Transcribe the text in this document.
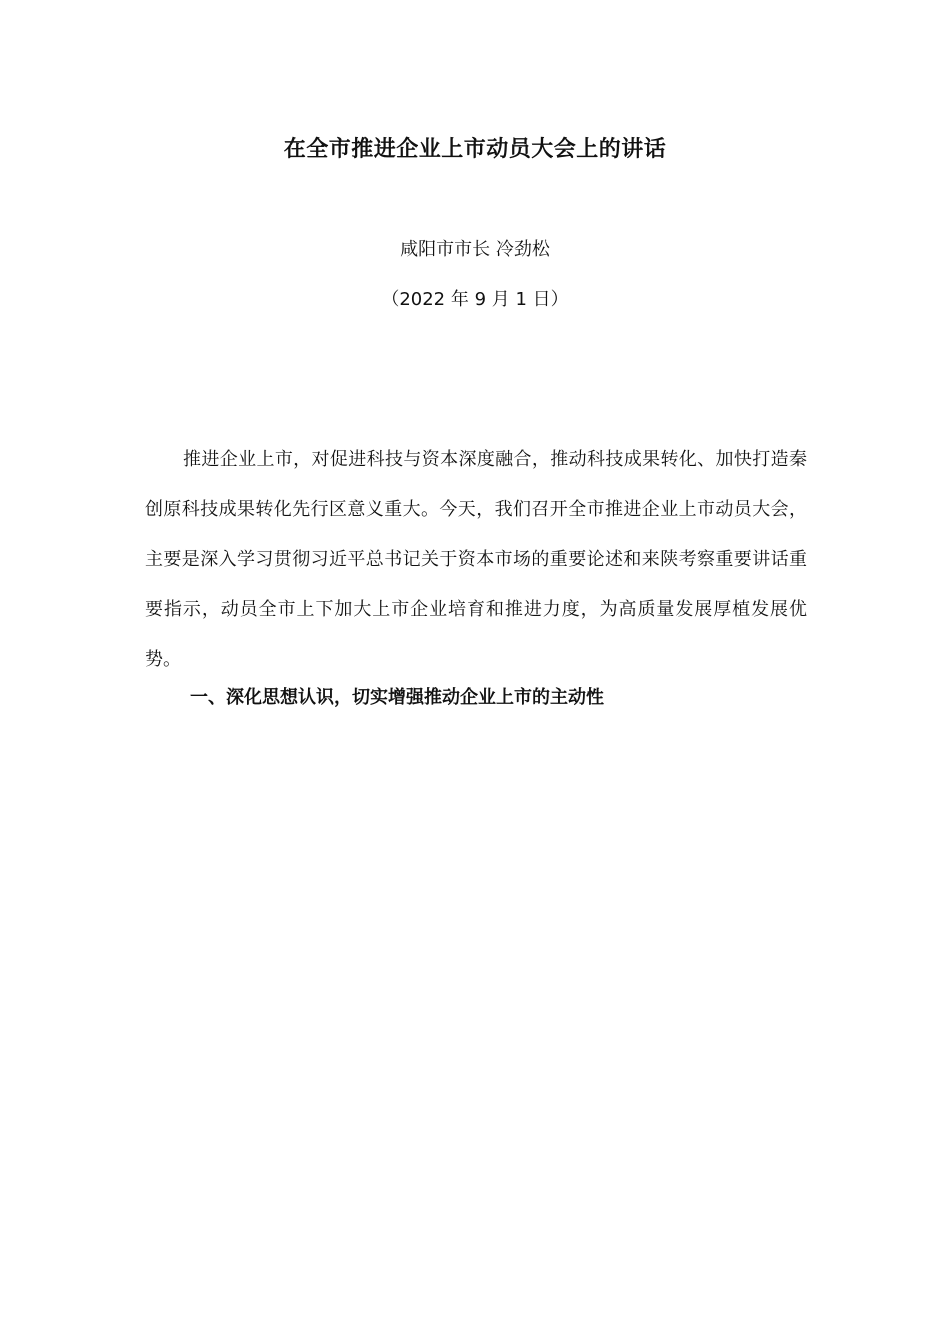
在全市推进企业上市动员大会上的讲话
咸阳市市长 冷劲松
（2022 年 9 月 1 日）

推进企业上市，对促进科技与资本深度融合，推动科技成果转化、加快打造秦创原科技成果转化先行区意义重大。今天，我们召开全市推进企业上市动员大会，主要是深入学习贯彻习近平总书记关于资本市场的重要论述和来陕考察重要讲话重要指示，动员全市上下加大上市企业培育和推进力度，为高质量发展厚植发展优势。

一、深化思想认识，切实增强推动企业上市的主动性
